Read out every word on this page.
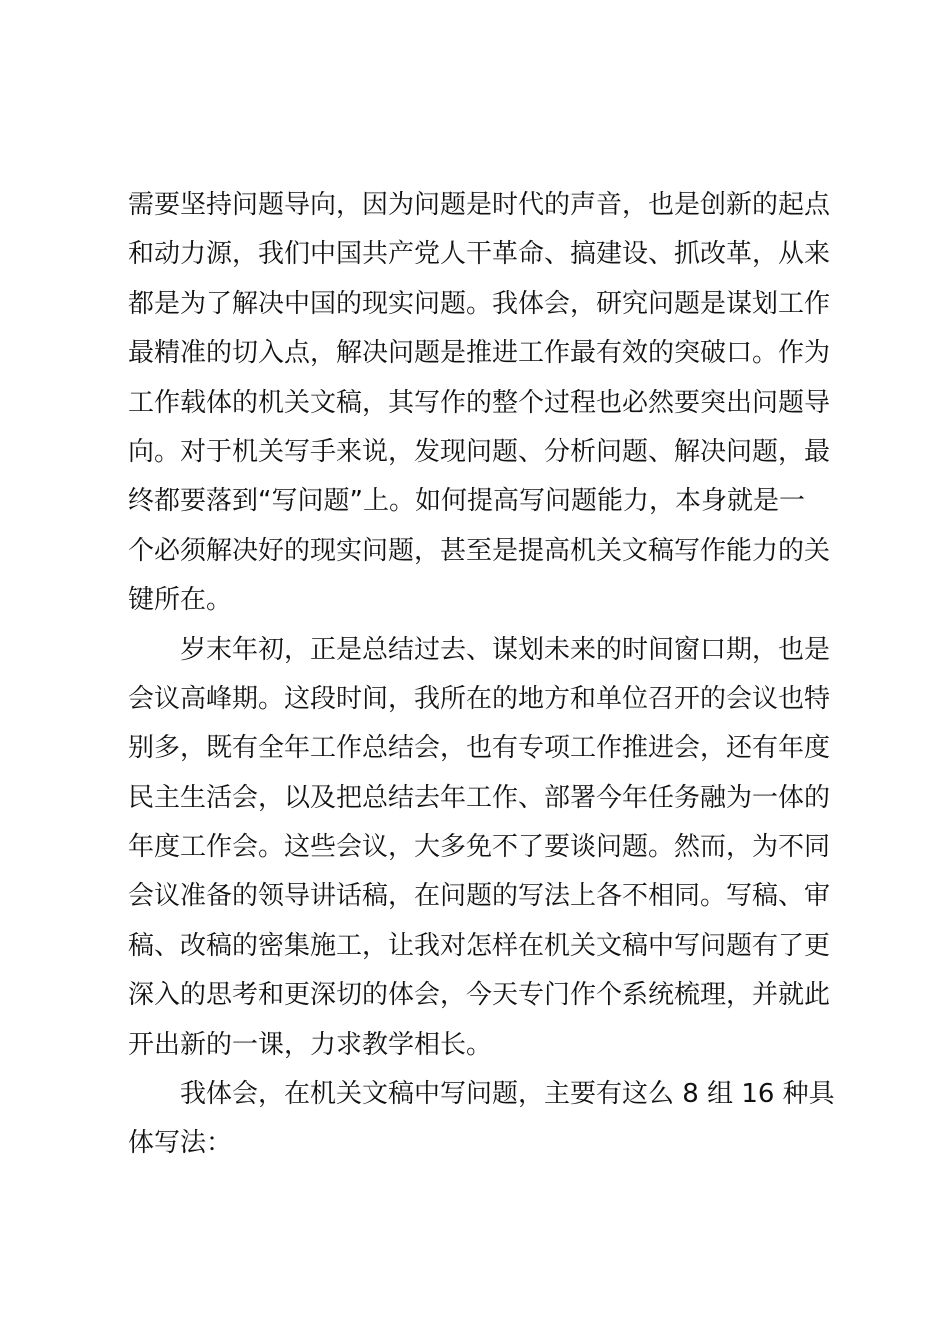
需要坚持问题导向，因为问题是时代的声音，也是创新的起点
和动力源，我们中国共产党人干革命、搞建设、抓改革，从来
都是为了解决中国的现实问题。我体会，研究问题是谋划工作
最精准的切入点，解决问题是推进工作最有效的突破口。作为
工作载体的机关文稿，其写作的整个过程也必然要突出问题导
向。对于机关写手来说，发现问题、分析问题、解决问题，最
终都要落到“写问题”上。如何提高写问题能力，本身就是一
个必须解决好的现实问题，甚至是提高机关文稿写作能力的关
键所在。
岁末年初，正是总结过去、谋划未来的时间窗口期，也是
会议高峰期。这段时间，我所在的地方和单位召开的会议也特
别多，既有全年工作总结会，也有专项工作推进会，还有年度
民主生活会，以及把总结去年工作、部署今年任务融为一体的
年度工作会。这些会议，大多免不了要谈问题。然而，为不同
会议准备的领导讲话稿，在问题的写法上各不相同。写稿、审
稿、改稿的密集施工，让我对怎样在机关文稿中写问题有了更
深入的思考和更深切的体会，今天专门作个系统梳理，并就此
开出新的一课，力求教学相长。
我体会，在机关文稿中写问题，主要有这么 8 组 16 种具
体写法：
